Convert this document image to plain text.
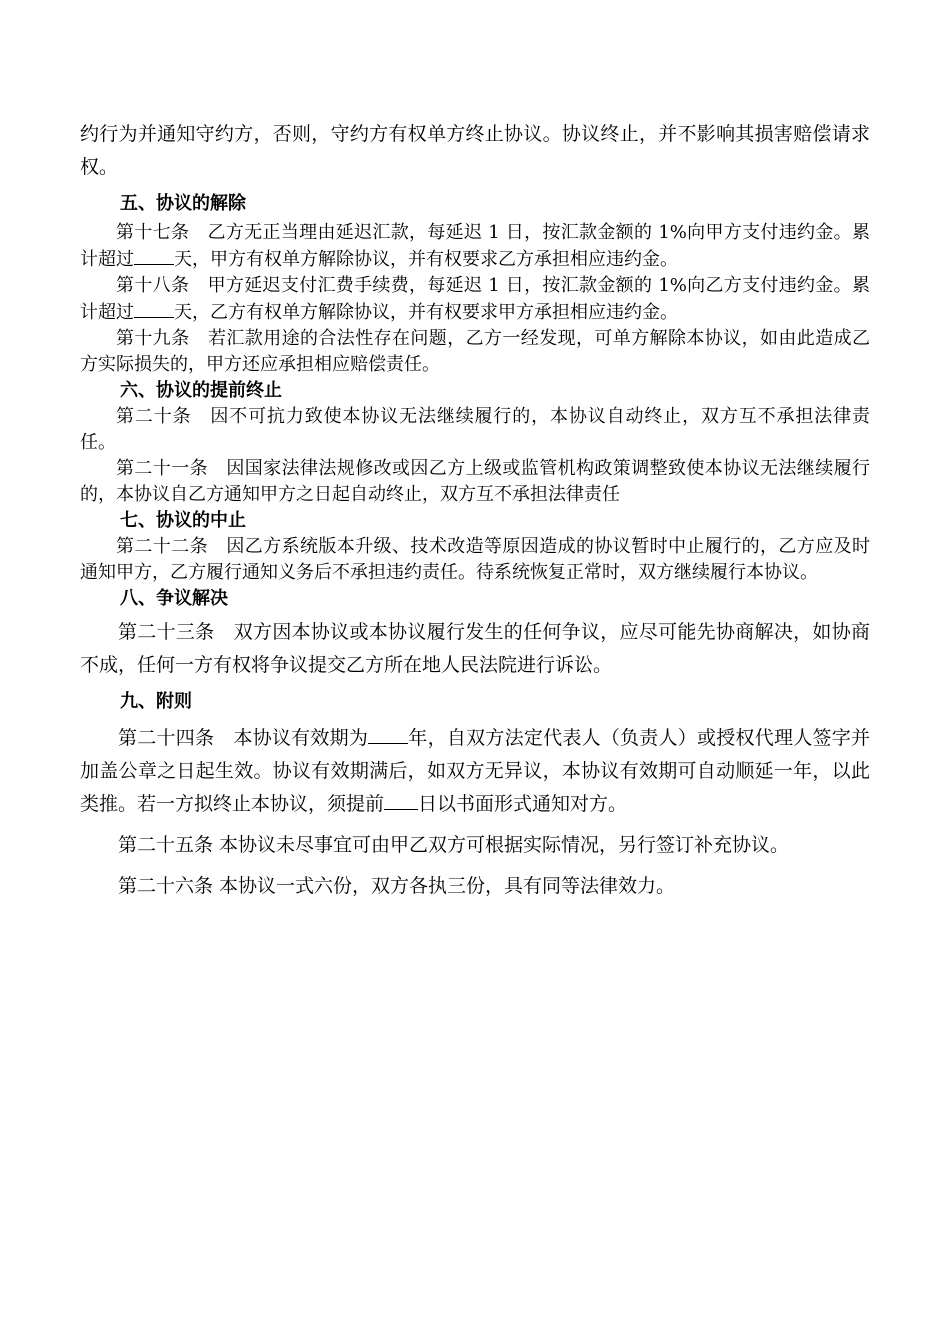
约行为并通知守约方，否则，守约方有权单方终止协议。协议终止，并不影响其损害赔偿请求权。

五、协议的解除

第十七条　乙方无正当理由延迟汇款，每延迟 1 日，按汇款金额的 1%向甲方支付违约金。累计超过 天，甲方有权单方解除协议，并有权要求乙方承担相应违约金。

第十八条　甲方延迟支付汇费手续费，每延迟 1 日，按汇款金额的 1%向乙方支付违约金。累计超过 天，乙方有权单方解除协议，并有权要求甲方承担相应违约金。

第十九条　若汇款用途的合法性存在问题，乙方一经发现，可单方解除本协议，如由此造成乙方实际损失的，甲方还应承担相应赔偿责任。

六、协议的提前终止

第二十条　因不可抗力致使本协议无法继续履行的，本协议自动终止，双方互不承担法律责任。

第二十一条　因国家法律法规修改或因乙方上级或监管机构政策调整致使本协议无法继续履行的，本协议自乙方通知甲方之日起自动终止，双方互不承担法律责任

七、协议的中止

第二十二条　因乙方系统版本升级、技术改造等原因造成的协议暂时中止履行的，乙方应及时通知甲方，乙方履行通知义务后不承担违约责任。待系统恢复正常时，双方继续履行本协议。

八、争议解决

第二十三条　双方因本协议或本协议履行发生的任何争议，应尽可能先协商解决，如协商不成，任何一方有权将争议提交乙方所在地人民法院进行诉讼。

九、附则

第二十四条　本协议有效期为 年，自双方法定代表人（负责人）或授权代理人签字并加盖公章之日起生效。协议有效期满后，如双方无异议，本协议有效期可自动顺延一年，以此类推。若一方拟终止本协议，须提前 日以书面形式通知对方。

第二十五条 本协议未尽事宜可由甲乙双方可根据实际情况，另行签订补充协议。

第二十六条 本协议一式六份，双方各执三份，具有同等法律效力。
